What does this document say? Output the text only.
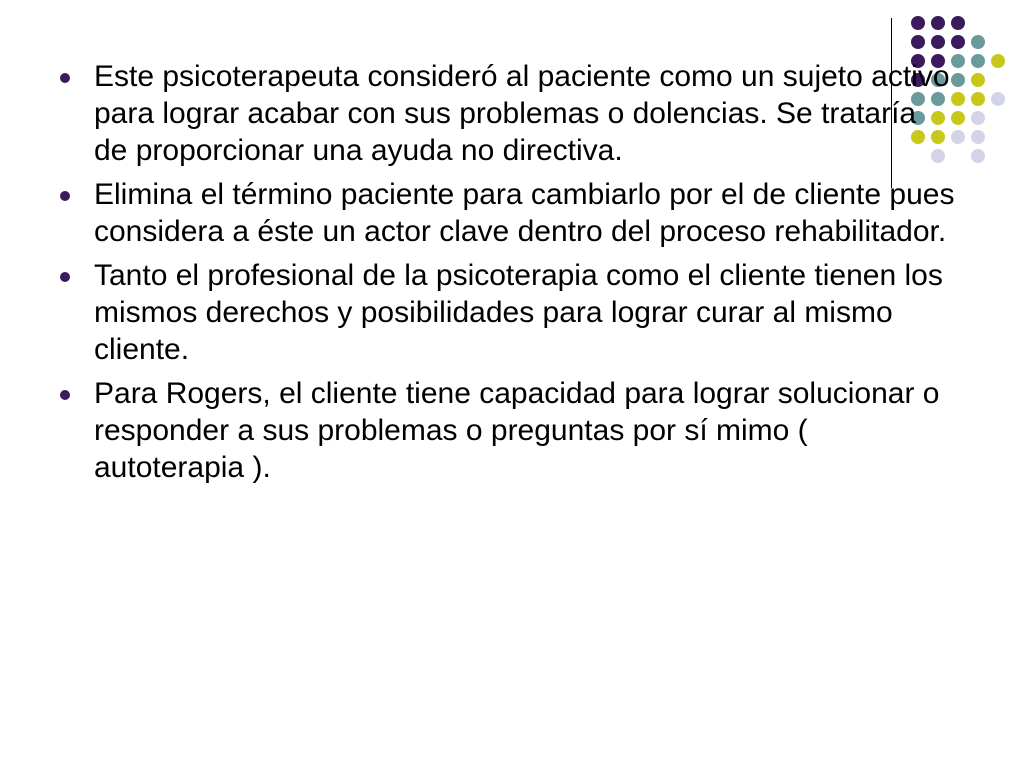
Este psicoterapeuta consideró al paciente como un sujeto activo para lograr acabar con sus problemas o dolencias. Se trataría de proporcionar una ayuda no directiva.
Elimina el término paciente para cambiarlo por el de cliente pues considera a éste un actor clave dentro del proceso rehabilitador.
Tanto el profesional de la psicoterapia como el cliente tienen los mismos derechos y posibilidades para lograr curar al mismo cliente.
Para Rogers, el cliente tiene capacidad para lograr solucionar o responder a sus problemas o preguntas por sí mimo ( autoterapia ).
